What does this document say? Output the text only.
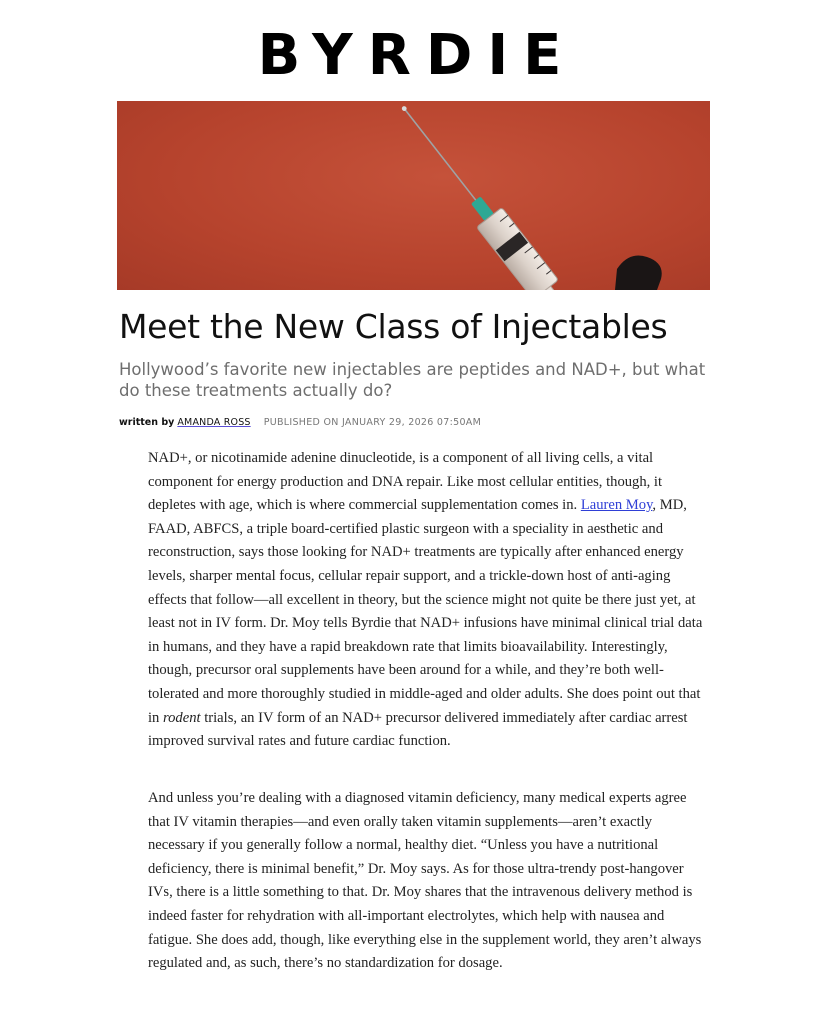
BYRDIE
Meet the New Class of Injectables

Hollywood’s favorite new injectables are peptides and NAD+, but what do these treatments actually do?

written by AMANDA ROSS PUBLISHED ON JANUARY 29, 2026 07:50AM

NAD+, or nicotinamide adenine dinucleotide, is a component of all living cells, a vital component for energy production and DNA repair. Like most cellular entities, though, it depletes with age, which is where commercial supplementation comes in. Lauren Moy, MD, FAAD, ABFCS, a triple board-certified plastic surgeon with a speciality in aesthetic and reconstruction, says those looking for NAD+ treatments are typically after enhanced energy levels, sharper mental focus, cellular repair support, and a trickle-down host of anti-aging effects that follow—all excellent in theory, but the science might not quite be there just yet, at least not in IV form. Dr. Moy tells Byrdie that NAD+ infusions have minimal clinical trial data in humans, and they have a rapid breakdown rate that limits bioavailability. Interestingly, though, precursor oral supplements have been around for a while, and they’re both well-tolerated and more thoroughly studied in middle-aged and older adults. She does point out that in rodent trials, an IV form of an NAD+ precursor delivered immediately after cardiac arrest improved survival rates and future cardiac function.

And unless you’re dealing with a diagnosed vitamin deficiency, many medical experts agree that IV vitamin therapies—and even orally taken vitamin supplements—aren’t exactly necessary if you generally follow a normal, healthy diet. “Unless you have a nutritional deficiency, there is minimal benefit,” Dr. Moy says. As for those ultra-trendy post-hangover IVs, there is a little something to that. Dr. Moy shares that the intravenous delivery method is indeed faster for rehydration with all-important electrolytes, which help with nausea and fatigue. She does add, though, like everything else in the supplement world, they aren’t always regulated and, as such, there’s no standardization for dosage.
